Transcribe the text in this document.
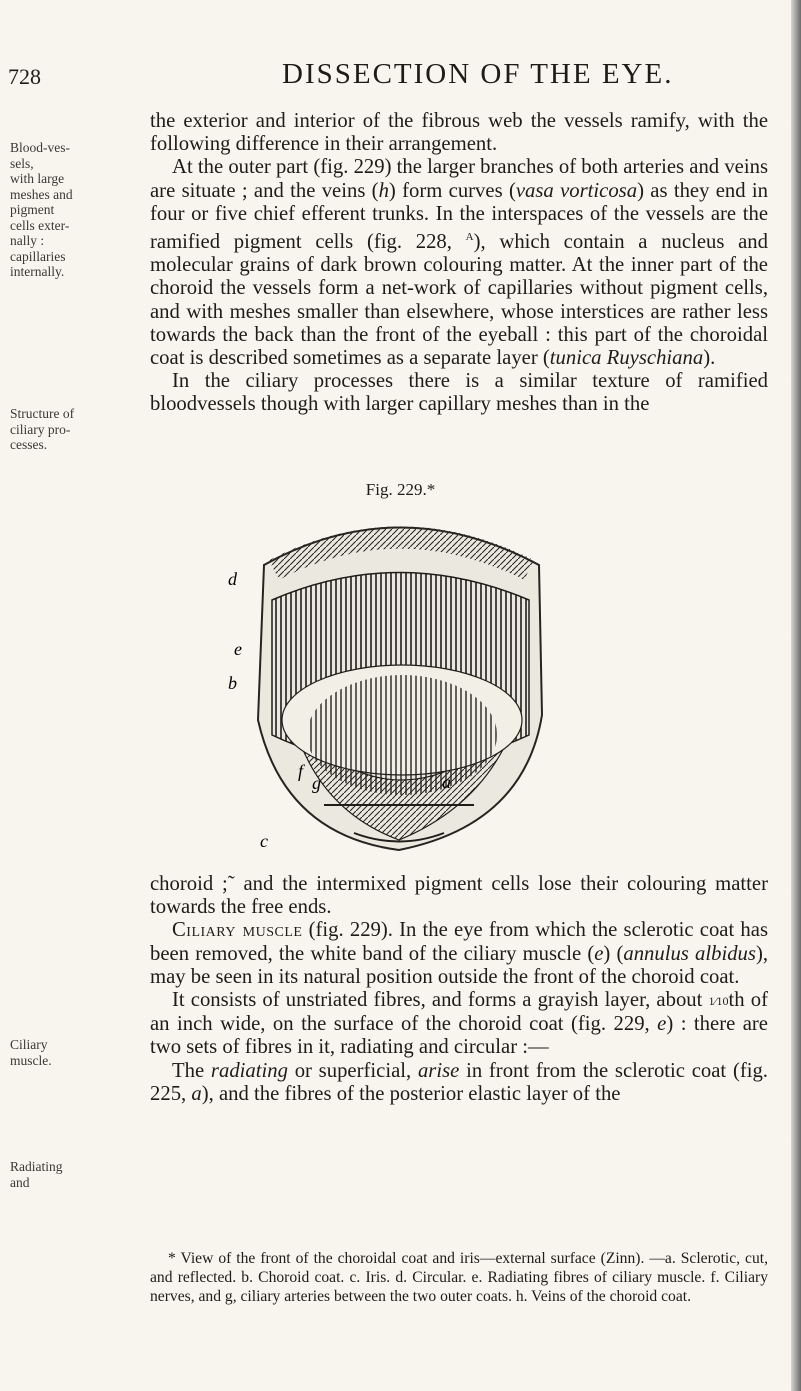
728	DISSECTION OF THE EYE.
Blood-ves-
sels,
with large
meshes and
pigment
cells exter-
nally :
capillaries
internally.
Structure of
ciliary pro-
cesses.
Ciliary
muscle.
Radiating
and

the exterior and interior of the fibrous web the vessels ramify, with the following difference in their arrangement.

At the outer part (fig. 229) the larger branches of both arteries and veins are situate ; and the veins (h) form curves (vasa vorticosa) as they end in four or five chief efferent trunks. In the interspaces of the vessels are the ramified pigment cells (fig. 228, $^A$), which contain a nucleus and molecular grains of dark brown colouring matter. At the inner part of the choroid the vessels form a net-work of capillaries without pigment cells, and with meshes smaller than elsewhere, whose interstices are rather less towards the back than the front of the eyeball : this part of the choroidal coat is described sometimes as a separate layer (tunica Ruyschiana).

In the ciliary processes there is a similar texture of ramified bloodvessels though with larger capillary meshes than in the

Fig. 229.*
d
e
b
a
f
g
c

choroid ;˜ and the intermixed pigment cells lose their colouring matter towards the free ends.

Ciliary muscle (fig. 229). In the eye from which the sclerotic coat has been removed, the white band of the ciliary muscle (e) (annulus albidus), may be seen in its natural position outside the front of the choroid coat.

It consists of unstriated fibres, and forms a grayish layer, about 1⁄10th of an inch wide, on the surface of the choroid coat (fig. 229, e) : there are two sets of fibres in it, radiating and circular :—

The radiating or superficial, arise in front from the sclerotic coat (fig. 225, a), and the fibres of the posterior elastic layer of the

* View of the front of the choroidal coat and iris—external surface (Zinn). —a. Sclerotic, cut, and reflected. b. Choroid coat. c. Iris. d. Circular. e. Radiating fibres of ciliary muscle. f. Ciliary nerves, and g, ciliary arteries between the two outer coats. h. Veins of the choroid coat.
